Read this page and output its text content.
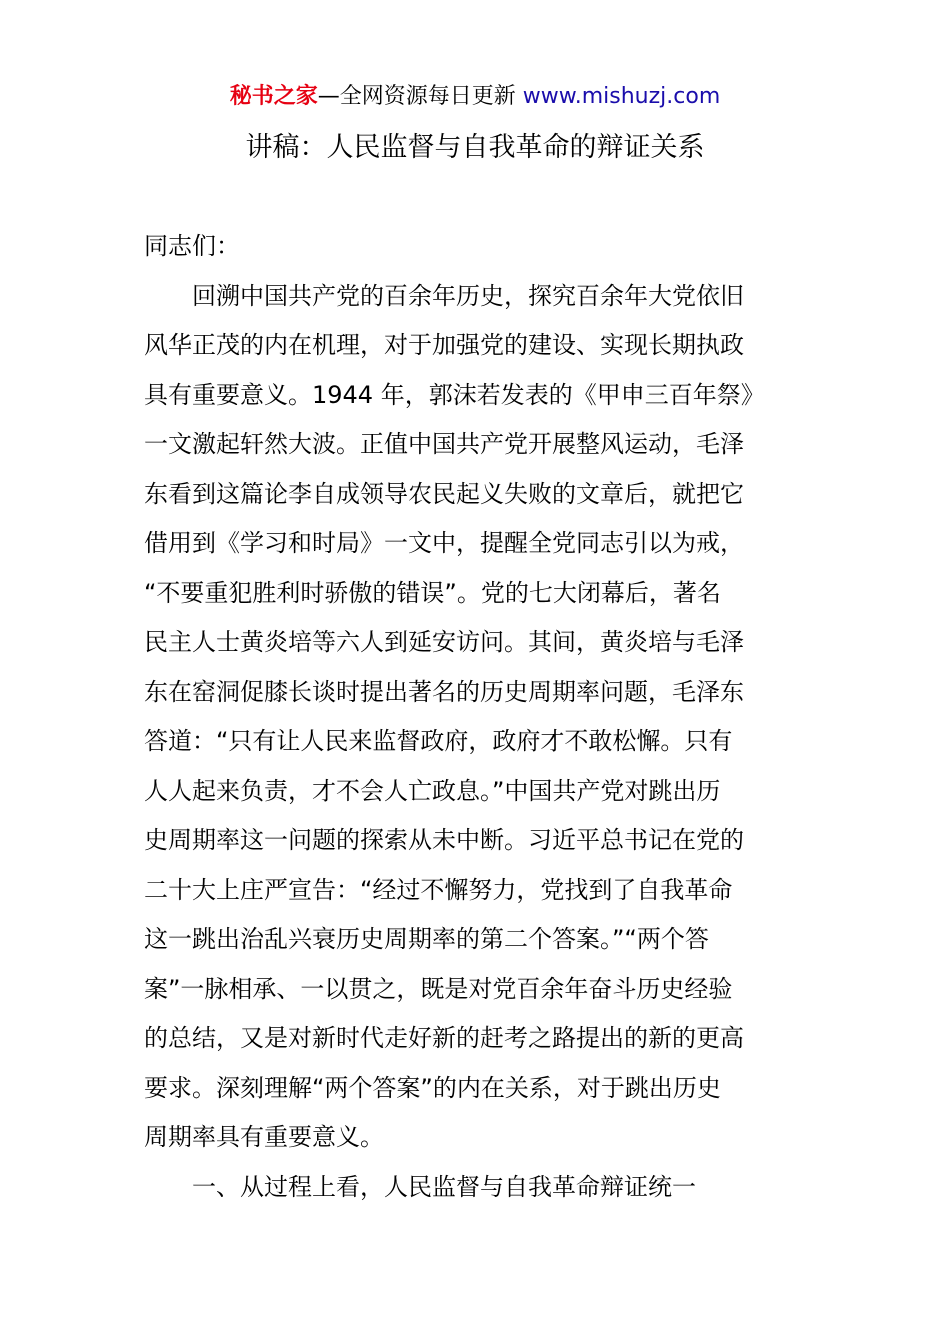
秘书之家—全网资源每日更新 www.mishuzj.com
讲稿：人民监督与自我革命的辩证关系
同志们：
　　回溯中国共产党的百余年历史，探究百余年大党依旧
风华正茂的内在机理，对于加强党的建设、实现长期执政
具有重要意义。1944 年，郭沫若发表的《甲申三百年祭》
一文激起轩然大波。正值中国共产党开展整风运动，毛泽
东看到这篇论李自成领导农民起义失败的文章后，就把它
借用到《学习和时局》一文中，提醒全党同志引以为戒，
“不要重犯胜利时骄傲的错误”。党的七大闭幕后，著名
民主人士黄炎培等六人到延安访问。其间，黄炎培与毛泽
东在窑洞促膝长谈时提出著名的历史周期率问题，毛泽东
答道：“只有让人民来监督政府，政府才不敢松懈。只有
人人起来负责，才不会人亡政息。”中国共产党对跳出历
史周期率这一问题的探索从未中断。习近平总书记在党的
二十大上庄严宣告：“经过不懈努力，党找到了自我革命
这一跳出治乱兴衰历史周期率的第二个答案。”“两个答
案”一脉相承、一以贯之，既是对党百余年奋斗历史经验
的总结，又是对新时代走好新的赶考之路提出的新的更高
要求。深刻理解“两个答案”的内在关系，对于跳出历史
周期率具有重要意义。
　　一、从过程上看，人民监督与自我革命辩证统一
